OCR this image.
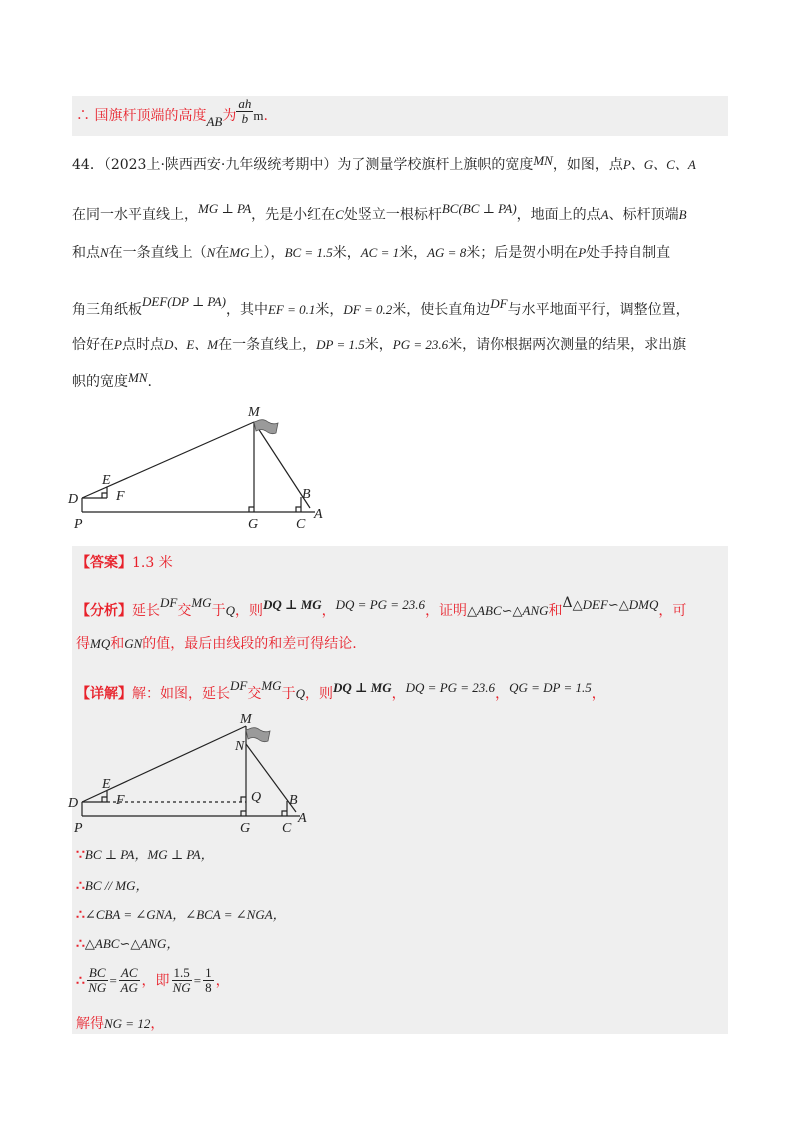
∴ 国旗杆顶端的高度AB为 $\frac{ah}{b} m$.
44．（2023上·陕西西安·九年级统考期中）为了测量学校旗杆上旗帜的宽度MN，如图，点P、G、C、A
在同一水平直线上，MG ⊥ PA，先是小红在C处竖立一根标杆BC(BC ⊥ PA)，地面上的点A、标杆顶端B
和点N在一条直线上（N在MG上），BC = 1.5米，AC = 1米，AG = 8米；后是贺小明在P处手持自制直
角三角纸板DEF(DP ⊥ PA)，其中EF = 0.1米，DF = 0.2米，使长直角边DF与水平地面平行，调整位置，
恰好在P点时点D、E、M在一条直线上，DP = 1.5米，PG = 23.6米，请你根据两次测量的结果，求出旗
帜的宽度MN.
M
E
D	F	B
P	G	C
A
【答案】1.3 米
【分析】延长DF交MG于Q，则DQ ⊥ MG，DQ = PG = 23.6，证明△ABC∽△ANG和Δ△DEF∽△DMQ，可
得MQ和GN的值，最后由线段的和差可得结论.
【详解】解：如图，延长DF交MG于Q，则DQ ⊥ MG，DQ = PG = 23.6，QG = DP = 1.5，
M
N
E
D	F	Q B
P	G C
A
∵BC ⊥ PA，MG ⊥ PA，
∴BC // MG，
∴∠CBA = ∠GNA，∠BCA = ∠NGA，
∴△ABC∽△ANG，
∴ $\frac{BC}{NG} = \frac{AC}{AG}$ ，即 $\frac{1.5}{NG} = \frac{1}{8}$ ，
解得NG = 12，
